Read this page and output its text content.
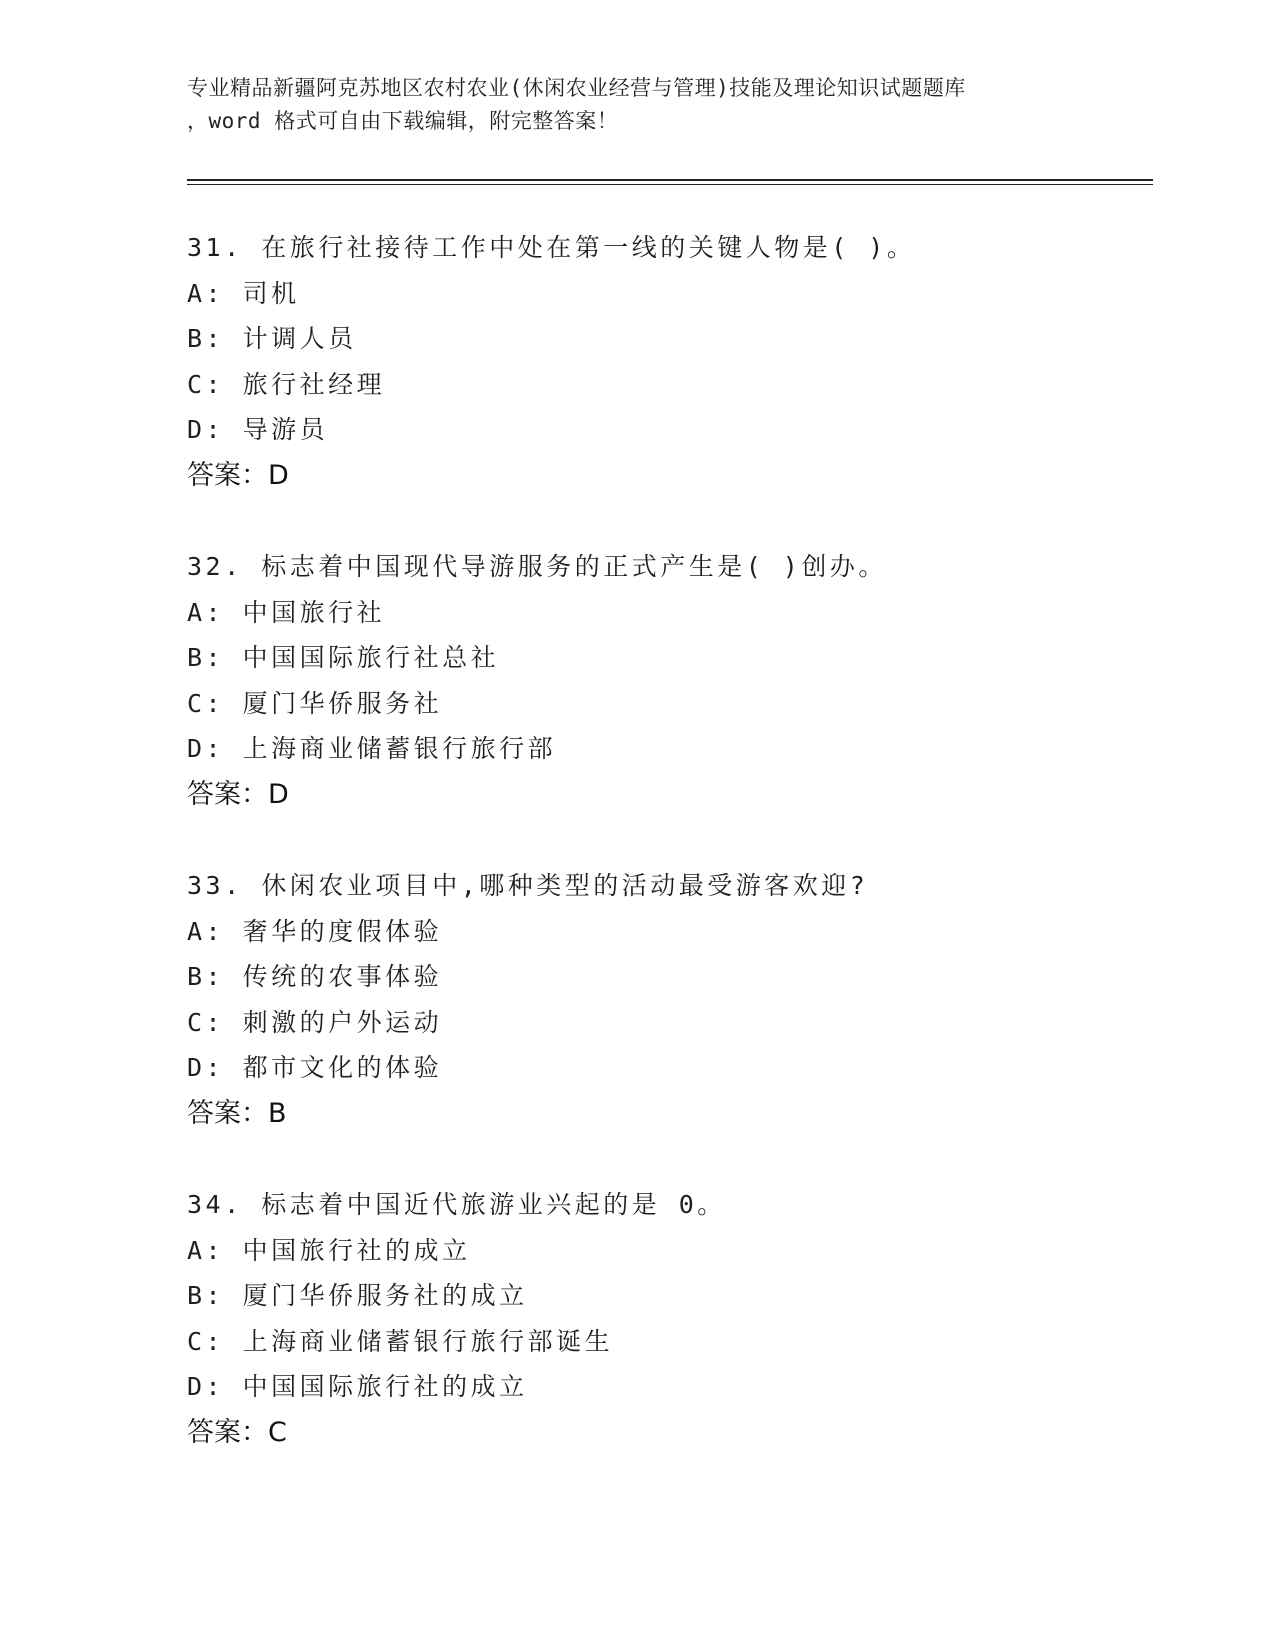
专业精品新疆阿克苏地区农村农业(休闲农业经营与管理)技能及理论知识试题题库
，word 格式可自由下载编辑，附完整答案！
31. 在旅行社接待工作中处在第一线的关键人物是( )。
A: 司机
B: 计调人员
C: 旅行社经理
D: 导游员
答案：D
32. 标志着中国现代导游服务的正式产生是( )创办。
A: 中国旅行社
B: 中国国际旅行社总社
C: 厦门华侨服务社
D: 上海商业储蓄银行旅行部
答案：D
33. 休闲农业项目中,哪种类型的活动最受游客欢迎?
A: 奢华的度假体验
B: 传统的农事体验
C: 刺激的户外运动
D: 都市文化的体验
答案：B
34. 标志着中国近代旅游业兴起的是 0。
A: 中国旅行社的成立
B: 厦门华侨服务社的成立
C: 上海商业储蓄银行旅行部诞生
D: 中国国际旅行社的成立
答案：C
